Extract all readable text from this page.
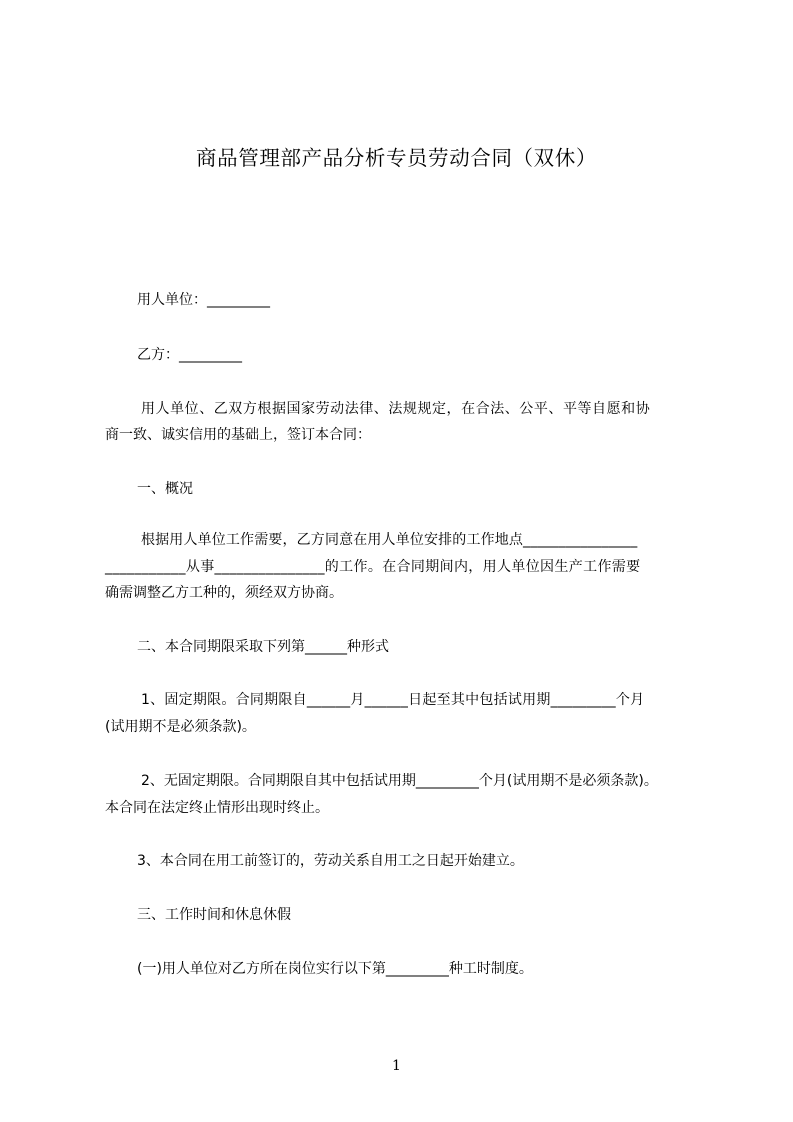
商品管理部产品分析专员劳动合同（双休）
用人单位：_________
乙方：_________
用人单位、乙双方根据国家劳动法律、法规规定，在合法、公平、平等自愿和协
商一致、诚实信用的基础上，签订本合同：
一、概况
根据用人单位工作需要，乙方同意在用人单位安排的工作地点________________
___________从事_______________的工作。在合同期间内，用人单位因生产工作需要
确需调整乙方工种的，须经双方协商。
二、本合同期限采取下列第______种形式
1、固定期限。合同期限自______月______日起至其中包括试用期_________个月
(试用期不是必须条款)。
2、无固定期限。合同期限自其中包括试用期_________个月(试用期不是必须条款)。
本合同在法定终止情形出现时终止。
3、本合同在用工前签订的，劳动关系自用工之日起开始建立。
三、工作时间和休息休假
(一)用人单位对乙方所在岗位实行以下第_________种工时制度。
1
